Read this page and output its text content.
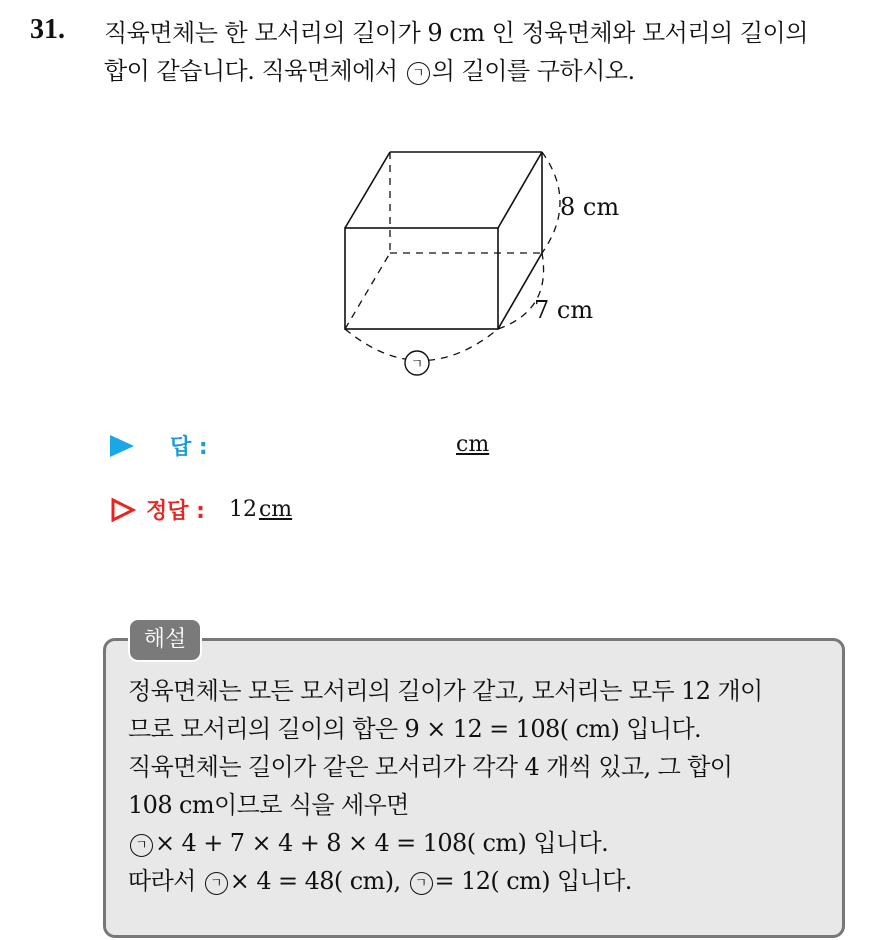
31. 직육면체는 한 모서리의 길이가 9 cm 인 정육면체와 모서리의 길이의
합이 같습니다. 직육면체에서 ㄱ 의 길이를 구하시오.
8 cm
7 cm
ㄱ
답 :	cm
정답 : 12cm
해설
정육면체는 모든 모서리의 길이가 같고, 모서리는 모두 12 개이
므로 모서리의 길이의 합은 9 × 12 = 108( cm) 입니다.
직육면체는 길이가 같은 모서리가 각각 4 개씩 있고, 그 합이
108 cm이므로 식을 세우면
ㄱ × 4 + 7 × 4 + 8 × 4 = 108( cm) 입니다.
따라서 ㄱ × 4 = 48( cm), ㄱ = 12( cm) 입니다.
